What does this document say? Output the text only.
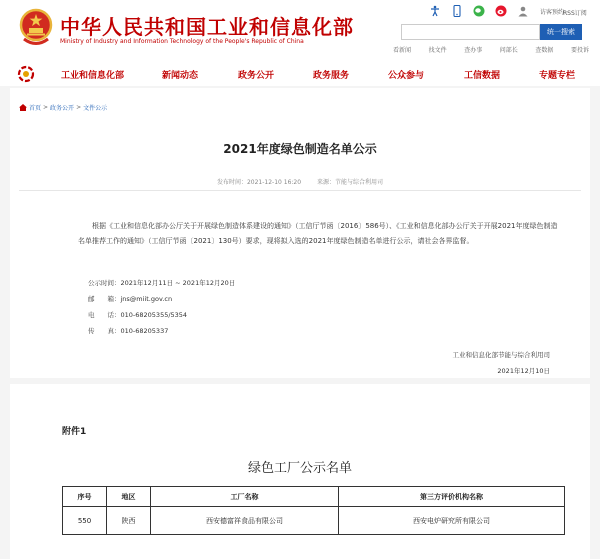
中华人民共和国工业和信息化部
Ministry of Industry and Information Technology of the People's Republic of China
访客预约
RSS订阅
统一搜索
看新闻	找文件	查办事	问部长	查数据	要投诉
工业和信息化部	新闻动态	政务公开	政务服务	公众参与	工信数据	专题专栏
首页 > 政务公开 > 文件公示
2021年度绿色制造名单公示
发布时间：2021-12-10 16:20	来源：节能与综合利用司

根据《工业和信息化部办公厅关于开展绿色制造体系建设的通知》（工信厅节函〔2016〕586号）、《工业和信息化部办公厅关于开展2021年度绿色制造名单推荐工作的通知》（工信厅节函〔2021〕130号）要求，现将拟入选的2021年度绿色制造名单进行公示，请社会各界监督。

公示时间：2021年12月11日 ~ 2021年12月20日
邮　　箱：jns@miit.gov.cn
电　　话：010-68205355/5354
传　　真：010-68205337
工业和信息化部节能与综合利用司
2021年12月10日
附件1
绿色工厂公示名单
序号	地区	工厂名称	第三方评价机构名称
550	陕西	西安德富祥食品有限公司	西安电炉研究所有限公司
